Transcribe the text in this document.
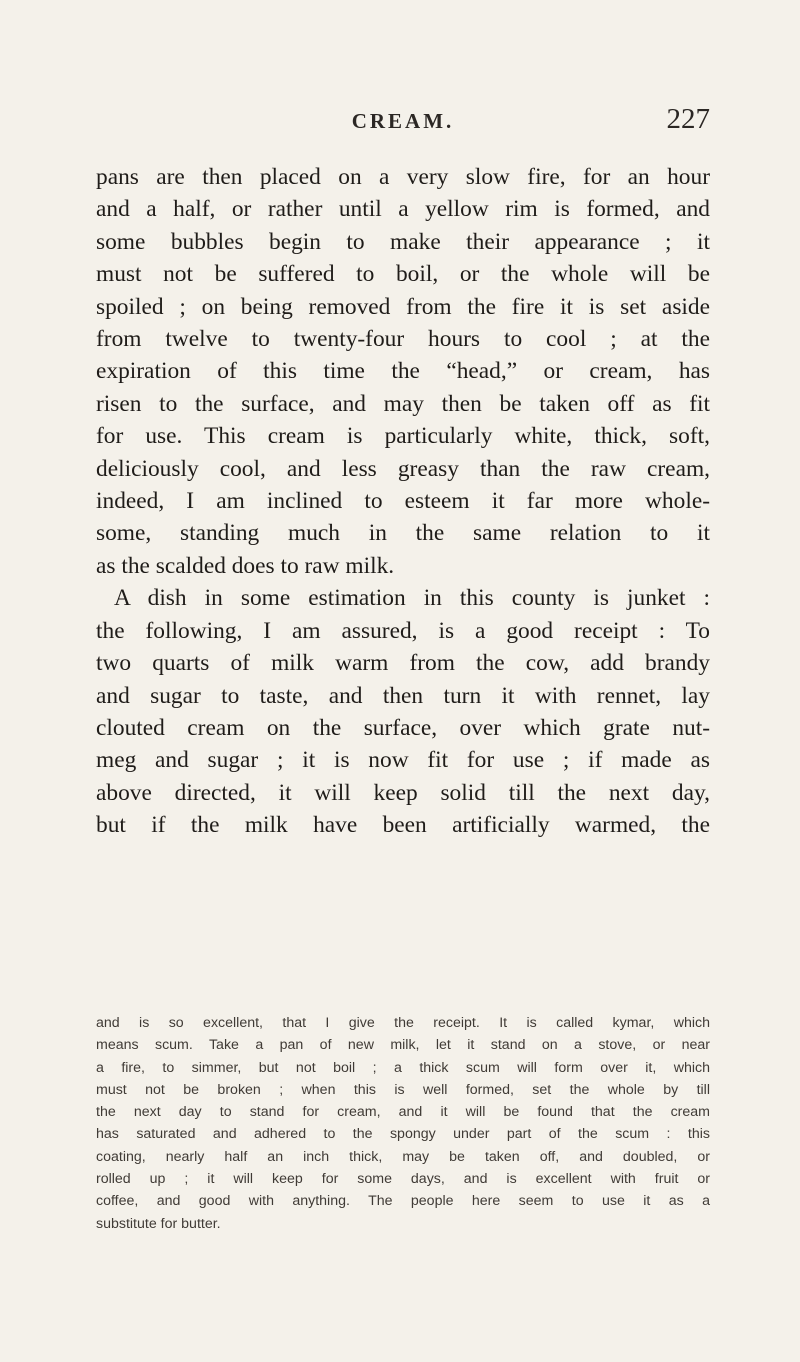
CREAM.	227
pans are then placed on a very slow fire, for an hour
and a half, or rather until a yellow rim is formed, and
some bubbles begin to make their appearance ; it
must not be suffered to boil, or the whole will be
spoiled ; on being removed from the fire it is set aside
from twelve to twenty-four hours to cool ; at the
expiration of this time the “head,” or cream, has
risen to the surface, and may then be taken off as fit
for use. This cream is particularly white, thick, soft,
deliciously cool, and less greasy than the raw cream,
indeed, I am inclined to esteem it far more whole-
some, standing much in the same relation to it
as the scalded does to raw milk.
A dish in some estimation in this county is junket :
the following, I am assured, is a good receipt : To
two quarts of milk warm from the cow, add brandy
and sugar to taste, and then turn it with rennet, lay
clouted cream on the surface, over which grate nut-
meg and sugar ; it is now fit for use ; if made as
above directed, it will keep solid till the next day,
but if the milk have been artificially warmed, the
and is so excellent, that I give the receipt. It is called kymar, which
means scum. Take a pan of new milk, let it stand on a stove, or near
a fire, to simmer, but not boil ; a thick scum will form over it, which
must not be broken ; when this is well formed, set the whole by till
the next day to stand for cream, and it will be found that the cream
has saturated and adhered to the spongy under part of the scum : this
coating, nearly half an inch thick, may be taken off, and doubled, or
rolled up ; it will keep for some days, and is excellent with fruit or
coffee, and good with anything. The people here seem to use it as a
substitute for butter.
